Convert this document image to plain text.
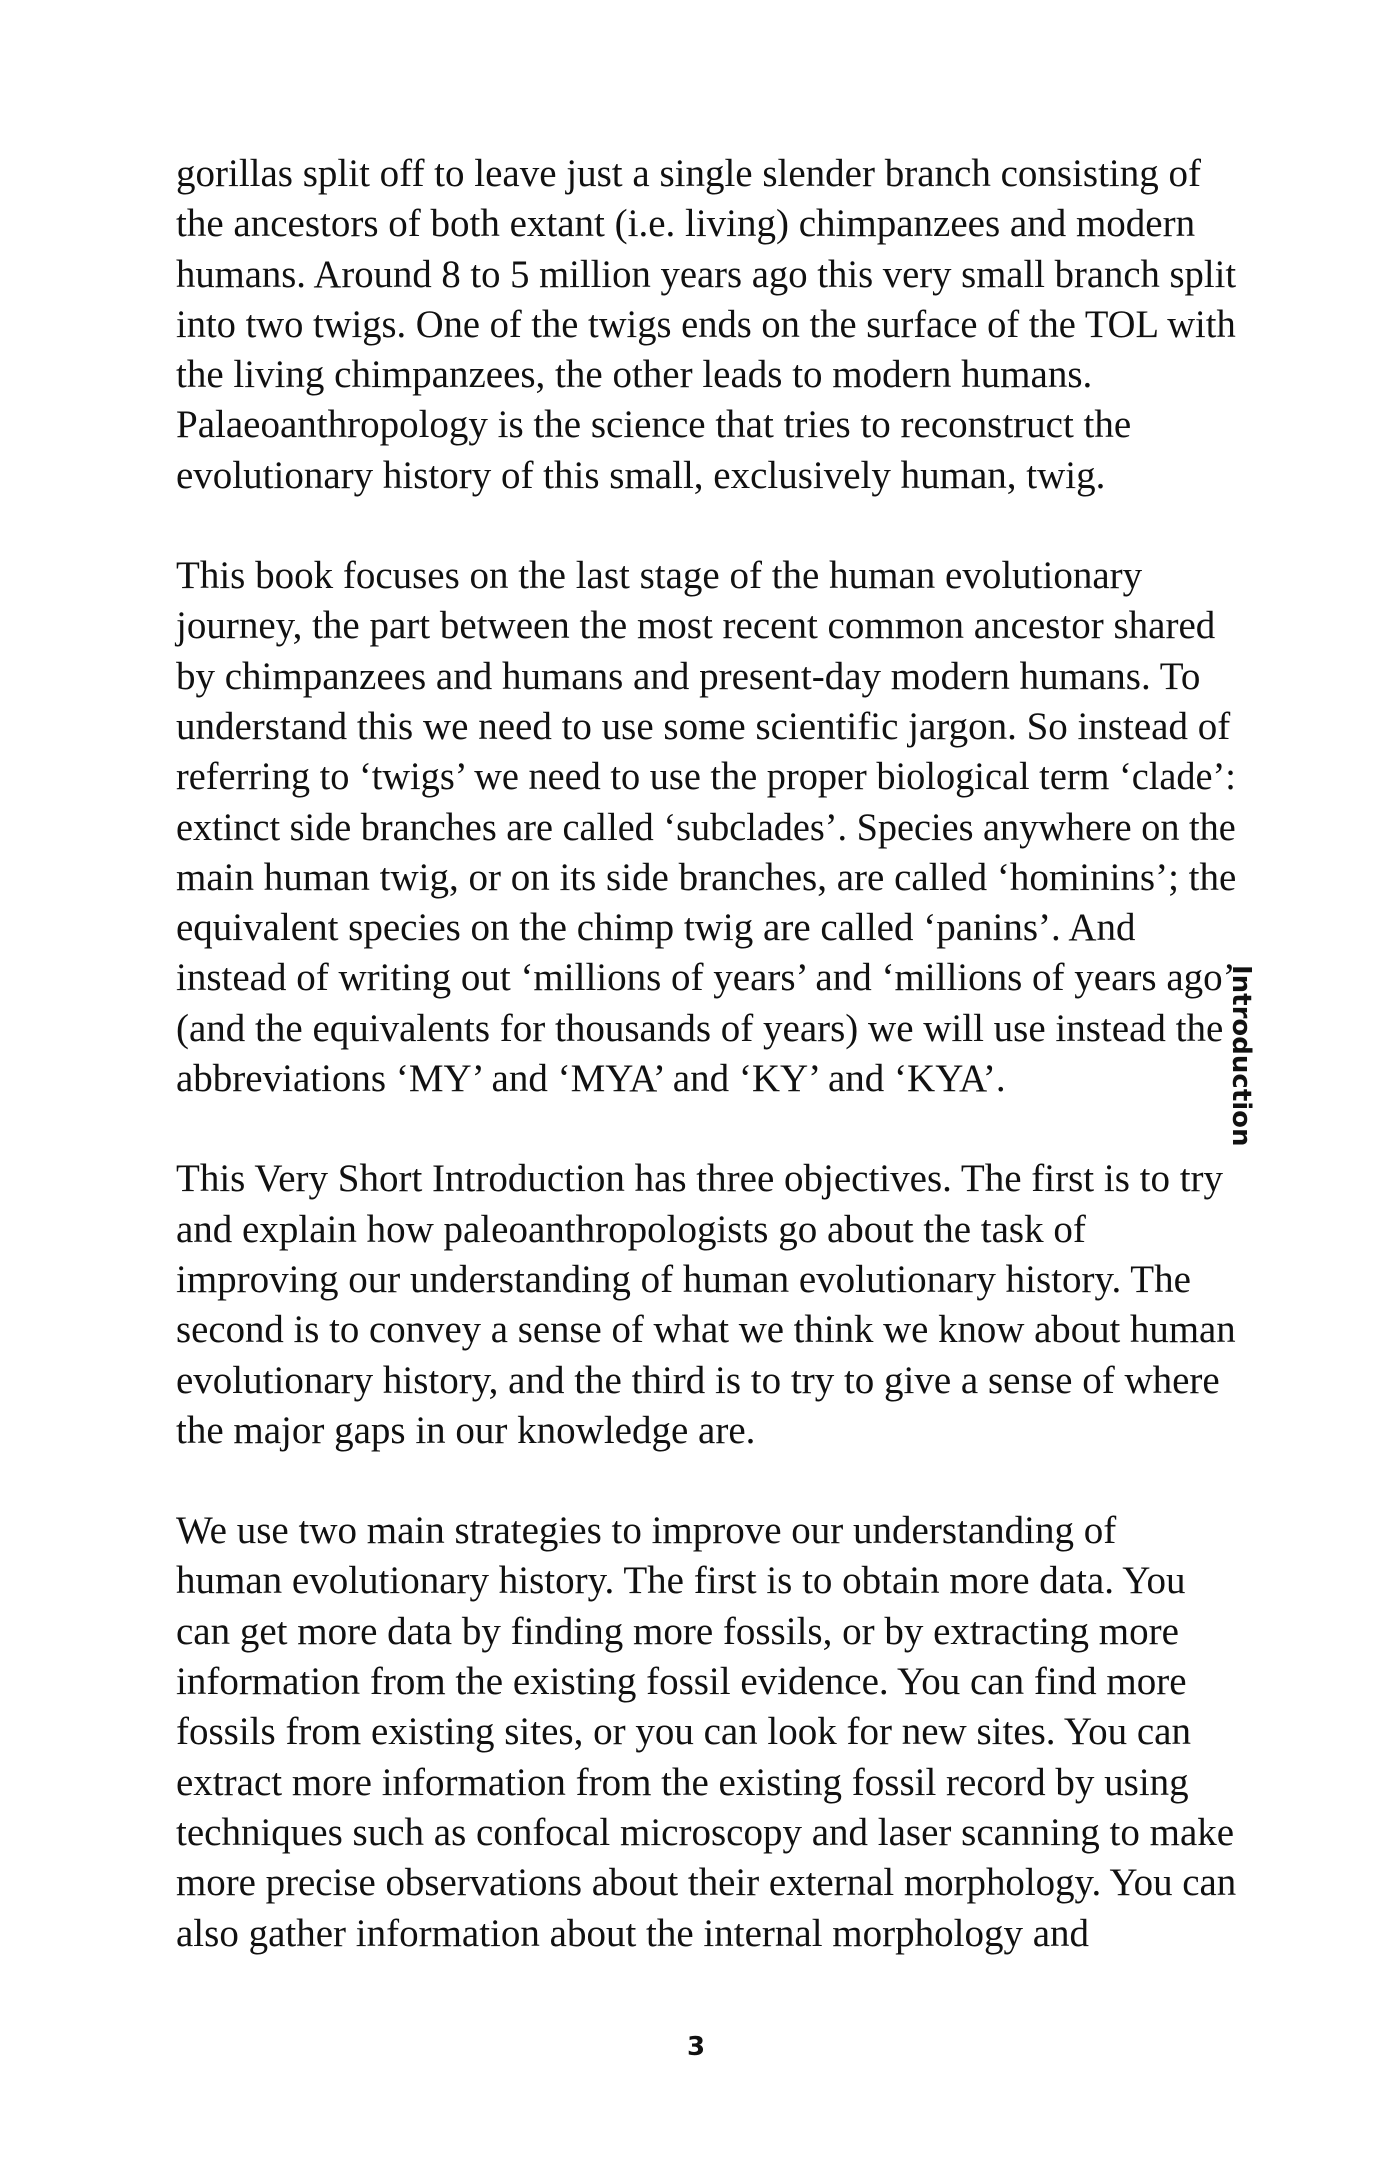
gorillas split off to leave just a single slender branch consisting of
the ancestors of both extant (i.e. living) chimpanzees and modern
humans. Around 8 to 5 million years ago this very small branch split
into two twigs. One of the twigs ends on the surface of the TOL with
the living chimpanzees, the other leads to modern humans.
Palaeoanthropology is the science that tries to reconstruct the
evolutionary history of this small, exclusively human, twig.

This book focuses on the last stage of the human evolutionary
journey, the part between the most recent common ancestor shared
by chimpanzees and humans and present-day modern humans. To
understand this we need to use some scientific jargon. So instead of
referring to ‘twigs’ we need to use the proper biological term ‘clade’:
extinct side branches are called ‘subclades’. Species anywhere on the
main human twig, or on its side branches, are called ‘hominins’; the
equivalent species on the chimp twig are called ‘panins’. And
instead of writing out ‘millions of years’ and ‘millions of years ago’
(and the equivalents for thousands of years) we will use instead the
abbreviations ‘MY’ and ‘MYA’ and ‘KY’ and ‘KYA’.

This Very Short Introduction has three objectives. The first is to try
and explain how paleoanthropologists go about the task of
improving our understanding of human evolutionary history. The
second is to convey a sense of what we think we know about human
evolutionary history, and the third is to try to give a sense of where
the major gaps in our knowledge are.

We use two main strategies to improve our understanding of
human evolutionary history. The first is to obtain more data. You
can get more data by finding more fossils, or by extracting more
information from the existing fossil evidence. You can find more
fossils from existing sites, or you can look for new sites. You can
extract more information from the existing fossil record by using
techniques such as confocal microscopy and laser scanning to make
more precise observations about their external morphology. You can
also gather information about the internal morphology and

Introduction
3
